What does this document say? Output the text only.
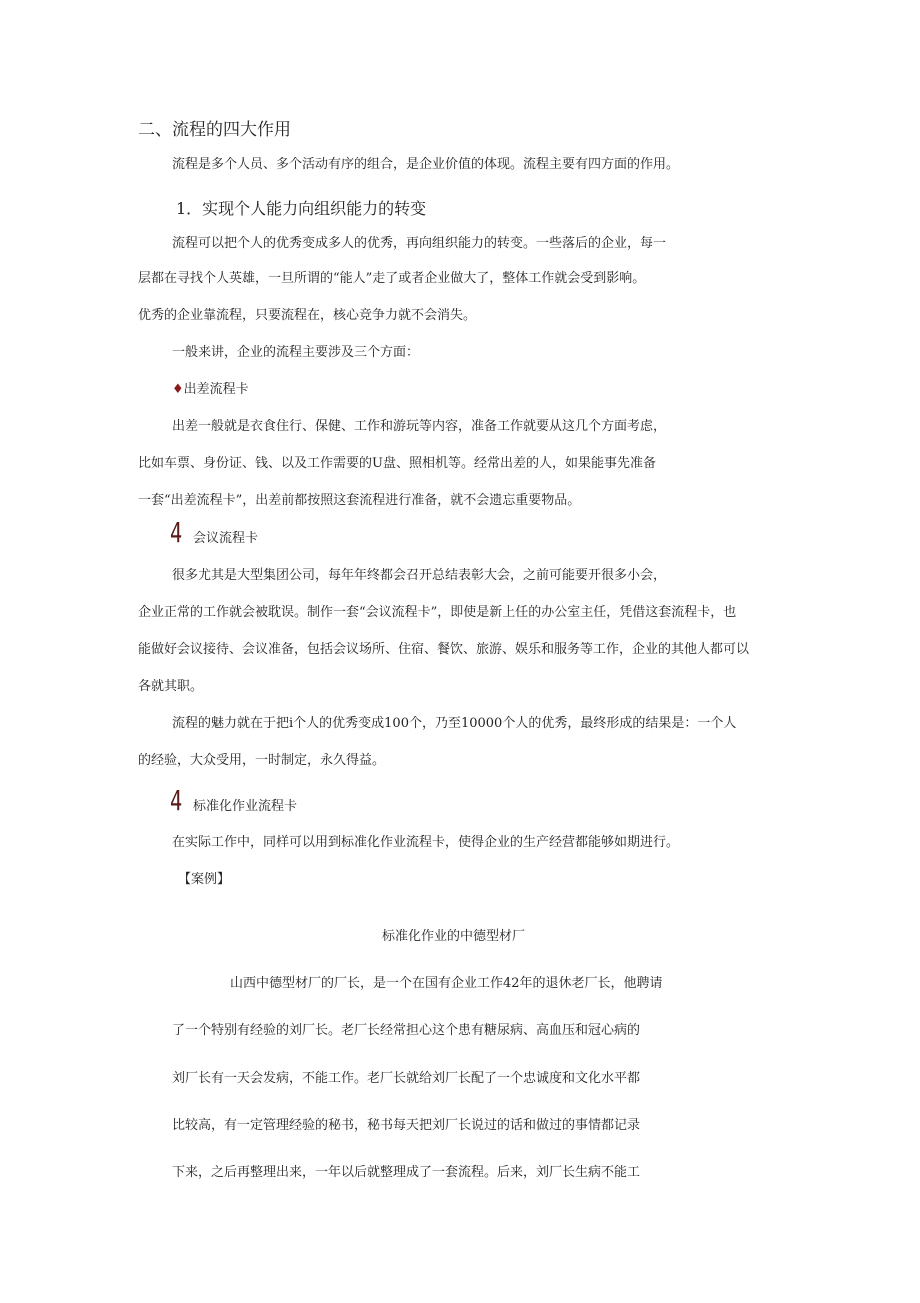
二、流程的四大作用
流程是多个人员、多个活动有序的组合，是企业价值的体现。流程主要有四方面的作用。
1．实现个人能力向组织能力的转变
流程可以把个人的优秀变成多人的优秀，再向组织能力的转变。一些落后的企业，每一
层都在寻找个人英雄，一旦所谓的“能人”走了或者企业做大了，整体工作就会受到影响。
优秀的企业靠流程，只要流程在，核心竞争力就不会消失。
一般来讲，企业的流程主要涉及三个方面：
♦出差流程卡
出差一般就是衣食住行、保健、工作和游玩等内容，准备工作就要从这几个方面考虑，
比如车票、身份证、钱、以及工作需要的U盘、照相机等。经常出差的人，如果能事先准备
一套“出差流程卡”，出差前都按照这套流程进行准备，就不会遗忘重要物品。
4 会议流程卡
很多尤其是大型集团公司，每年年终都会召开总结表彰大会，之前可能要开很多小会，
企业正常的工作就会被耽误。制作一套“会议流程卡”，即使是新上任的办公室主任，凭借这套流程卡，也
能做好会议接待、会议准备，包括会议场所、住宿、餐饮、旅游、娱乐和服务等工作，企业的其他人都可以
各就其职。
流程的魅力就在于把i个人的优秀变成100个，乃至10000个人的优秀，最终形成的结果是：一个人
的经验，大众受用，一时制定，永久得益。
4 标准化作业流程卡
在实际工作中，同样可以用到标准化作业流程卡，使得企业的生产经营都能够如期进行。
【案例】
标准化作业的中德型材厂
山西中德型材厂的厂长，是一个在国有企业工作42年的退休老厂长，他聘请
了一个特别有经验的刘厂长。老厂长经常担心这个患有糖尿病、高血压和冠心病的
刘厂长有一天会发病，不能工作。老厂长就给刘厂长配了一个忠诚度和文化水平都
比较高，有一定管理经验的秘书，秘书每天把刘厂长说过的话和做过的事情都记录
下来，之后再整理出来，一年以后就整理成了一套流程。后来，刘厂长生病不能工
